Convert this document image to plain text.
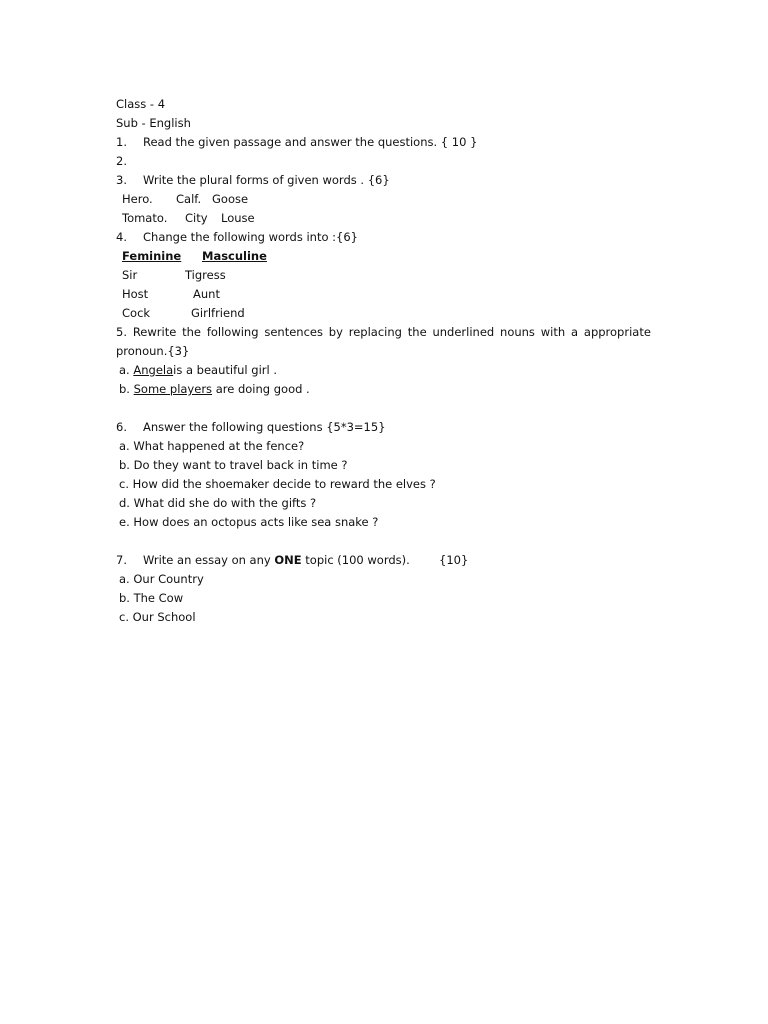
Class - 4
Sub - English
1. Read the given passage and answer the questions. { 10 }
2.
3. Write the plural forms of given words . {6}
Hero. Calf. Goose
Tomato. City Louse
4. Change the following words into :{6}
Feminine Masculine
Sir	Tigress
Host	Aunt
Cock	Girlfriend
5. Rewrite the following sentences by replacing the underlined nouns with a appropriate
pronoun.{3}
a. Angelais a beautiful girl .
b. Some players are doing good .
6. Answer the following questions {5*3=15}
a. What happened at the fence?
b. Do they want to travel back in time ?
c. How did the shoemaker decide to reward the elves ?
d. What did she do with the gifts ?
e. How does an octopus acts like sea snake ?
7. Write an essay on any ONE topic (100 words).	{10}
a. Our Country
b. The Cow
c. Our School
